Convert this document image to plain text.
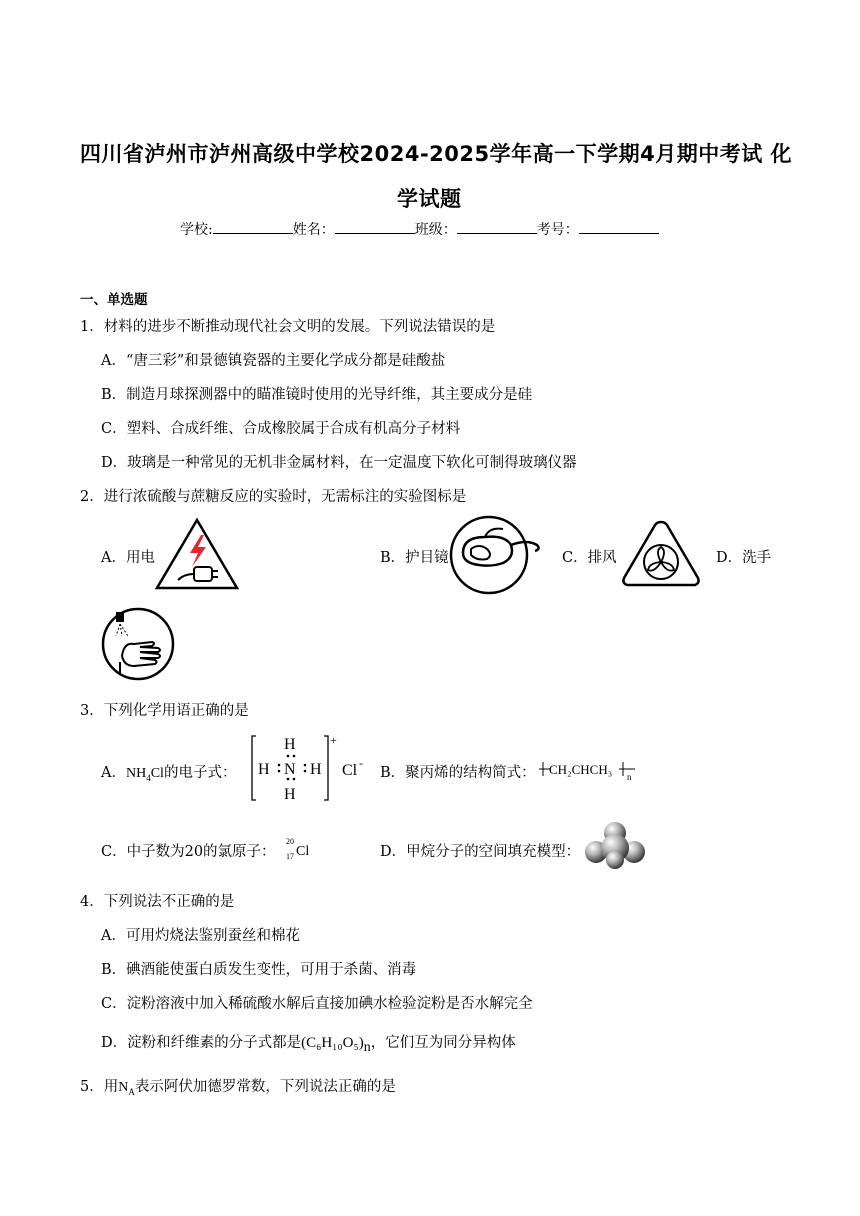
四川省泸州市泸州高级中学校2024-2025学年高一下学期4月期中考试 化
学试题
学校:	姓名：	班级：	考号：
一、单选题
1．材料的进步不断推动现代社会文明的发展。下列说法错误的是
A．“唐三彩”和景德镇瓷器的主要化学成分都是硅酸盐
B．制造月球探测器中的瞄准镜时使用的光导纤维，其主要成分是硅
C．塑料、合成纤维、合成橡胶属于合成有机高分子材料
D．玻璃是一种常见的无机非金属材料，在一定温度下软化可制得玻璃仪器
2．进行浓硫酸与蔗糖反应的实验时，无需标注的实验图标是
A．用电	B．护目镜	C．排风	D．洗手
3．下列化学用语正确的是
A．$NH_4Cl$的电子式：
H
H N H
H
+
Cl -
B．聚丙烯的结构简式： CH₂CHCH₃ n
C．中子数为20的氯原子：
20
17 Cl	D．甲烷分子的空间填充模型：
4．下列说法不正确的是
A．可用灼烧法鉴别蚕丝和棉花
B．碘酒能使蛋白质发生变性，可用于杀菌、消毒
C．淀粉溶液中加入稀硫酸水解后直接加碘水检验淀粉是否水解完全
D．淀粉和纤维素的分子式都是$(C_6H_{10}O_5)_n$，它们互为同分异构体
5．用$N_A$表示阿伏加德罗常数，下列说法正确的是
